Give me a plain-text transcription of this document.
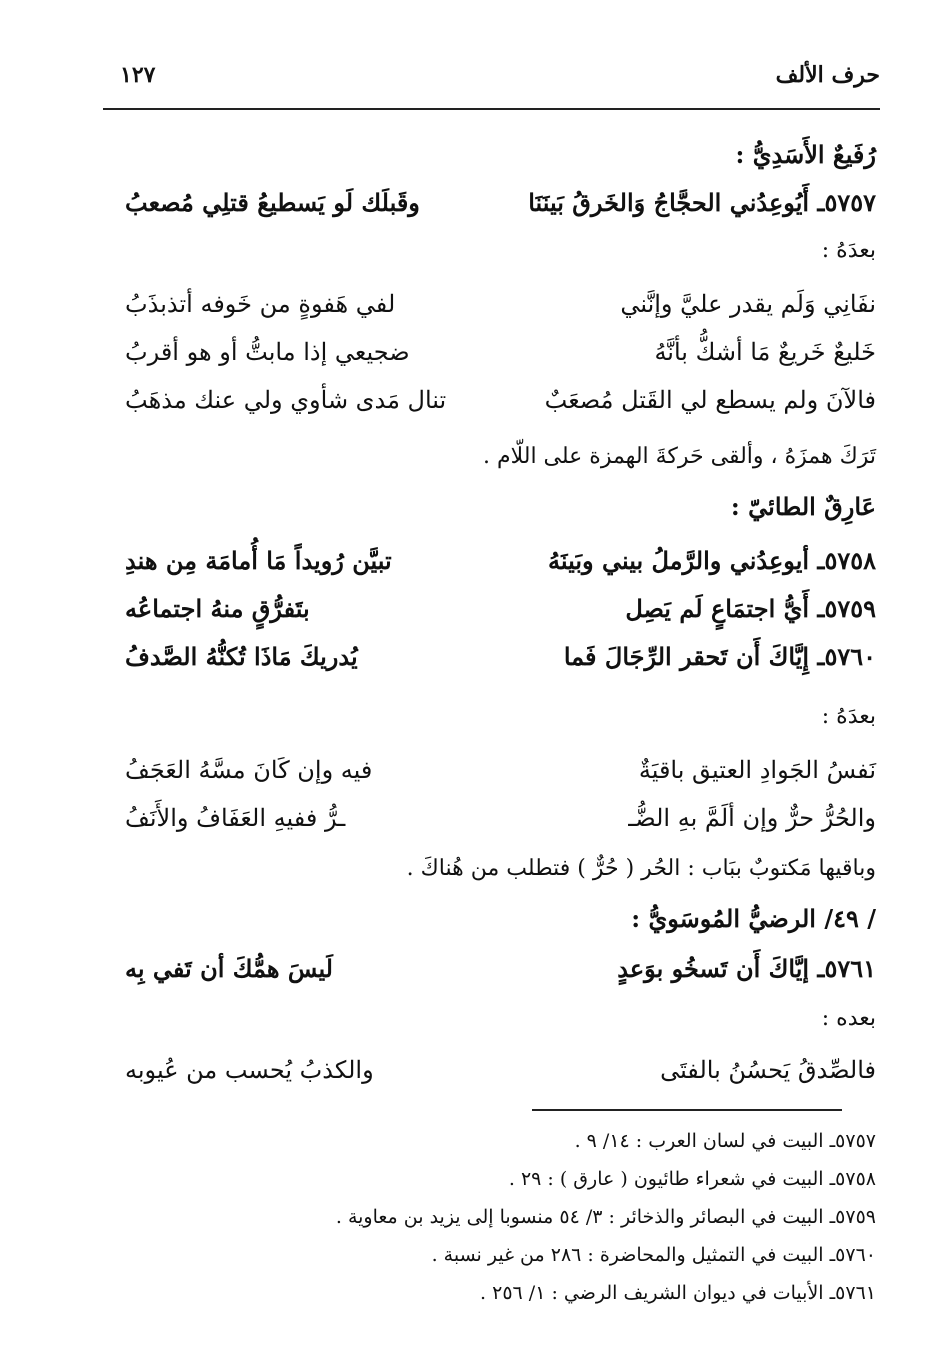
حرف الألف
١٢٧
رُفَيعٌ الأَسَدِيُّ :
٥٧٥٧ـ أَيُوعِدُني الحجَّاجُ وَالخَرقُ بَينَنَا
وقَبلَك لَو يَسطيعُ قتلِي مُصعبُ
بعدَهُ :
نفَانِي وَلَم يقدر عليَّ وإنَّني
لفي هَفوةٍ من خَوفه أتذبذَبُ
خَليعٌ خَريعٌ مَا أشكُّ بأنَّهُ
ضجيعي إذا مابتُّ أو هو أقربُ
فالآنَ ولم يسطع لي القَتل مُصعَبٌ
تنال مَدى شأوي ولي عنك مذهَبُ
تَرَكَ همزَهُ ، وألقى حَركةَ الهمزة على اللّام .
عَارِقٌ الطائيّ :
٥٧٥٨ـ أيوعِدُني والرَّملُ بيني وبَينَهُ
تبيَّن رُويداً مَا أُمامَة مِن هندِ
٥٧٥٩ـ أَيُّ اجتمَاعٍ لَم يَصِل
بتَفرُّقٍ منهُ اجتماعُه
٥٧٦٠ـ إِيَّاكَ أَن تَحقر الرِّجَالَ فَما
يُدريكَ مَاذَا تُكنُّهُ الصَّدفُ
بعدَهُ :
نَفسُ الجَوادِ العتيق باقيَةٌ
فيه وإن كَانَ مسَّهُ العَجَفُ
والحُرُّ حرٌّ وإن ألَمَّ بهِ الضُّـ
ـرُّ ففيهِ العَفَافُ والأَنَفُ
وباقيها مَكتوبٌ ببَاب : الحُر ( حُرٌّ ) فتطلب من هُناكَ .
/ ٤٩/ الرضيُّ المُوسَويُّ :
٥٧٦١ـ إيَّاكَ أَن تَسخُو بوَعدٍ
لَيسَ همُّكَ أن تَفي بِه
بعده :
فالصِّدقُ يَحسُنُ بالفتَى
والكذبُ يُحسب من عُيوبه
٥٧٥٧ـ البيت في لسان العرب : ١٤/ ٩ .
٥٧٥٨ـ البيت في شعراء طائيون ( عارق ) : ٢٩ .
٥٧٥٩ـ البيت في البصائر والذخائر : ٣/ ٥٤ منسوبا إلى يزيد بن معاوية .
٥٧٦٠ـ البيت في التمثيل والمحاضرة : ٢٨٦ من غير نسبة .
٥٧٦١ـ الأبيات في ديوان الشريف الرضي : ١/ ٢٥٦ .
